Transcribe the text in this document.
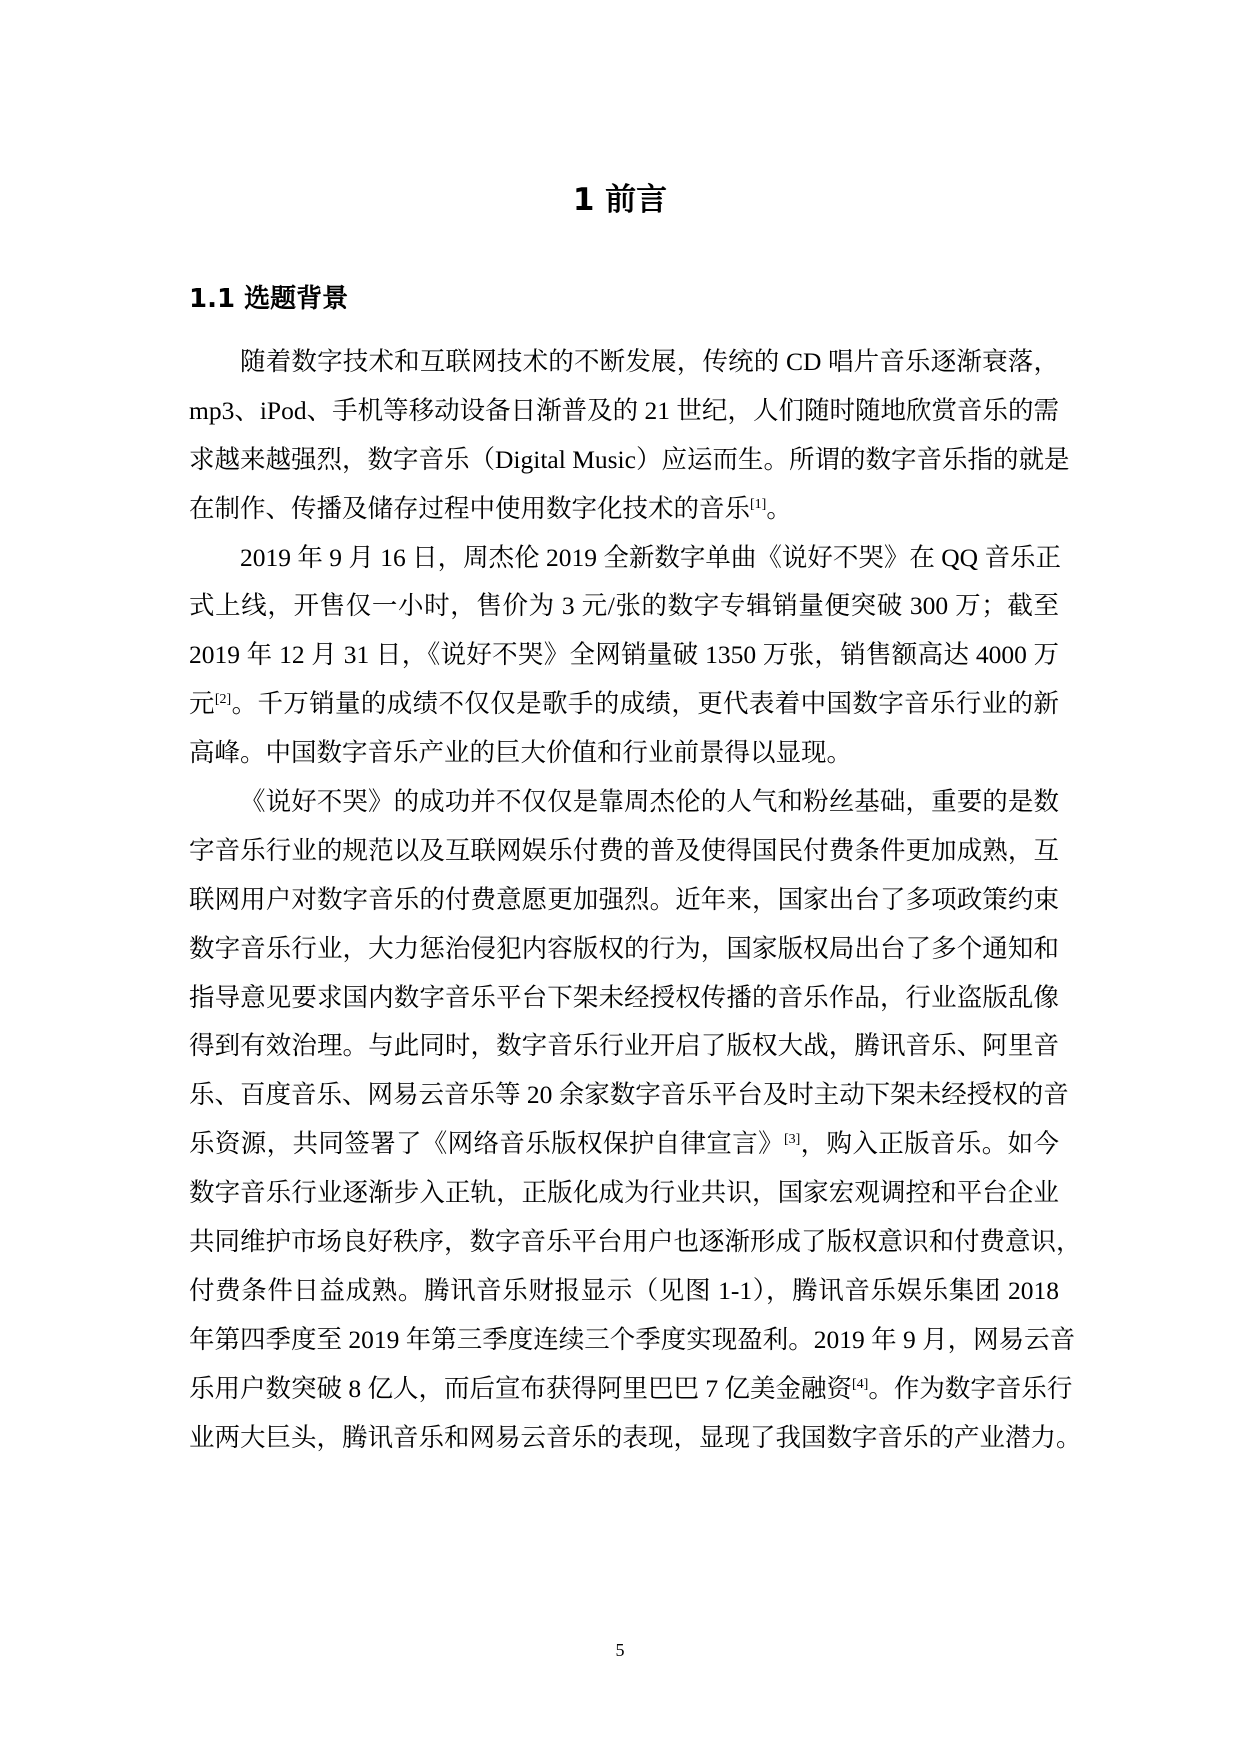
1 前言
1.1 选题背景
随着数字技术和互联网技术的不断发展，传统的 CD 唱片音乐逐渐衰落，
mp3、iPod、手机等移动设备日渐普及的 21 世纪，人们随时随地欣赏音乐的需
求越来越强烈，数字音乐（Digital Music）应运而生。所谓的数字音乐指的就是
在制作、传播及储存过程中使用数字化技术的音乐[1]。
2019 年 9 月 16 日，周杰伦 2019 全新数字单曲《说好不哭》在 QQ 音乐正
式上线，开售仅一小时，售价为 3 元/张的数字专辑销量便突破 300 万；截至
2019 年 12 月 31 日，《说好不哭》全网销量破 1350 万张，销售额高达 4000 万
元[2]。千万销量的成绩不仅仅是歌手的成绩，更代表着中国数字音乐行业的新
高峰。中国数字音乐产业的巨大价值和行业前景得以显现。
《说好不哭》的成功并不仅仅是靠周杰伦的人气和粉丝基础，重要的是数
字音乐行业的规范以及互联网娱乐付费的普及使得国民付费条件更加成熟，互
联网用户对数字音乐的付费意愿更加强烈。近年来，国家出台了多项政策约束
数字音乐行业，大力惩治侵犯内容版权的行为，国家版权局出台了多个通知和
指导意见要求国内数字音乐平台下架未经授权传播的音乐作品，行业盗版乱像
得到有效治理。与此同时，数字音乐行业开启了版权大战，腾讯音乐、阿里音
乐、百度音乐、网易云音乐等 20 余家数字音乐平台及时主动下架未经授权的音
乐资源，共同签署了《网络音乐版权保护自律宣言》[3]，购入正版音乐。如今
数字音乐行业逐渐步入正轨，正版化成为行业共识，国家宏观调控和平台企业
共同维护市场良好秩序，数字音乐平台用户也逐渐形成了版权意识和付费意识，
付费条件日益成熟。腾讯音乐财报显示（见图 1-1），腾讯音乐娱乐集团 2018
年第四季度至 2019 年第三季度连续三个季度实现盈利。2019 年 9 月，网易云音
乐用户数突破 8 亿人，而后宣布获得阿里巴巴 7 亿美金融资[4]。作为数字音乐行
业两大巨头，腾讯音乐和网易云音乐的表现，显现了我国数字音乐的产业潜力。
5
